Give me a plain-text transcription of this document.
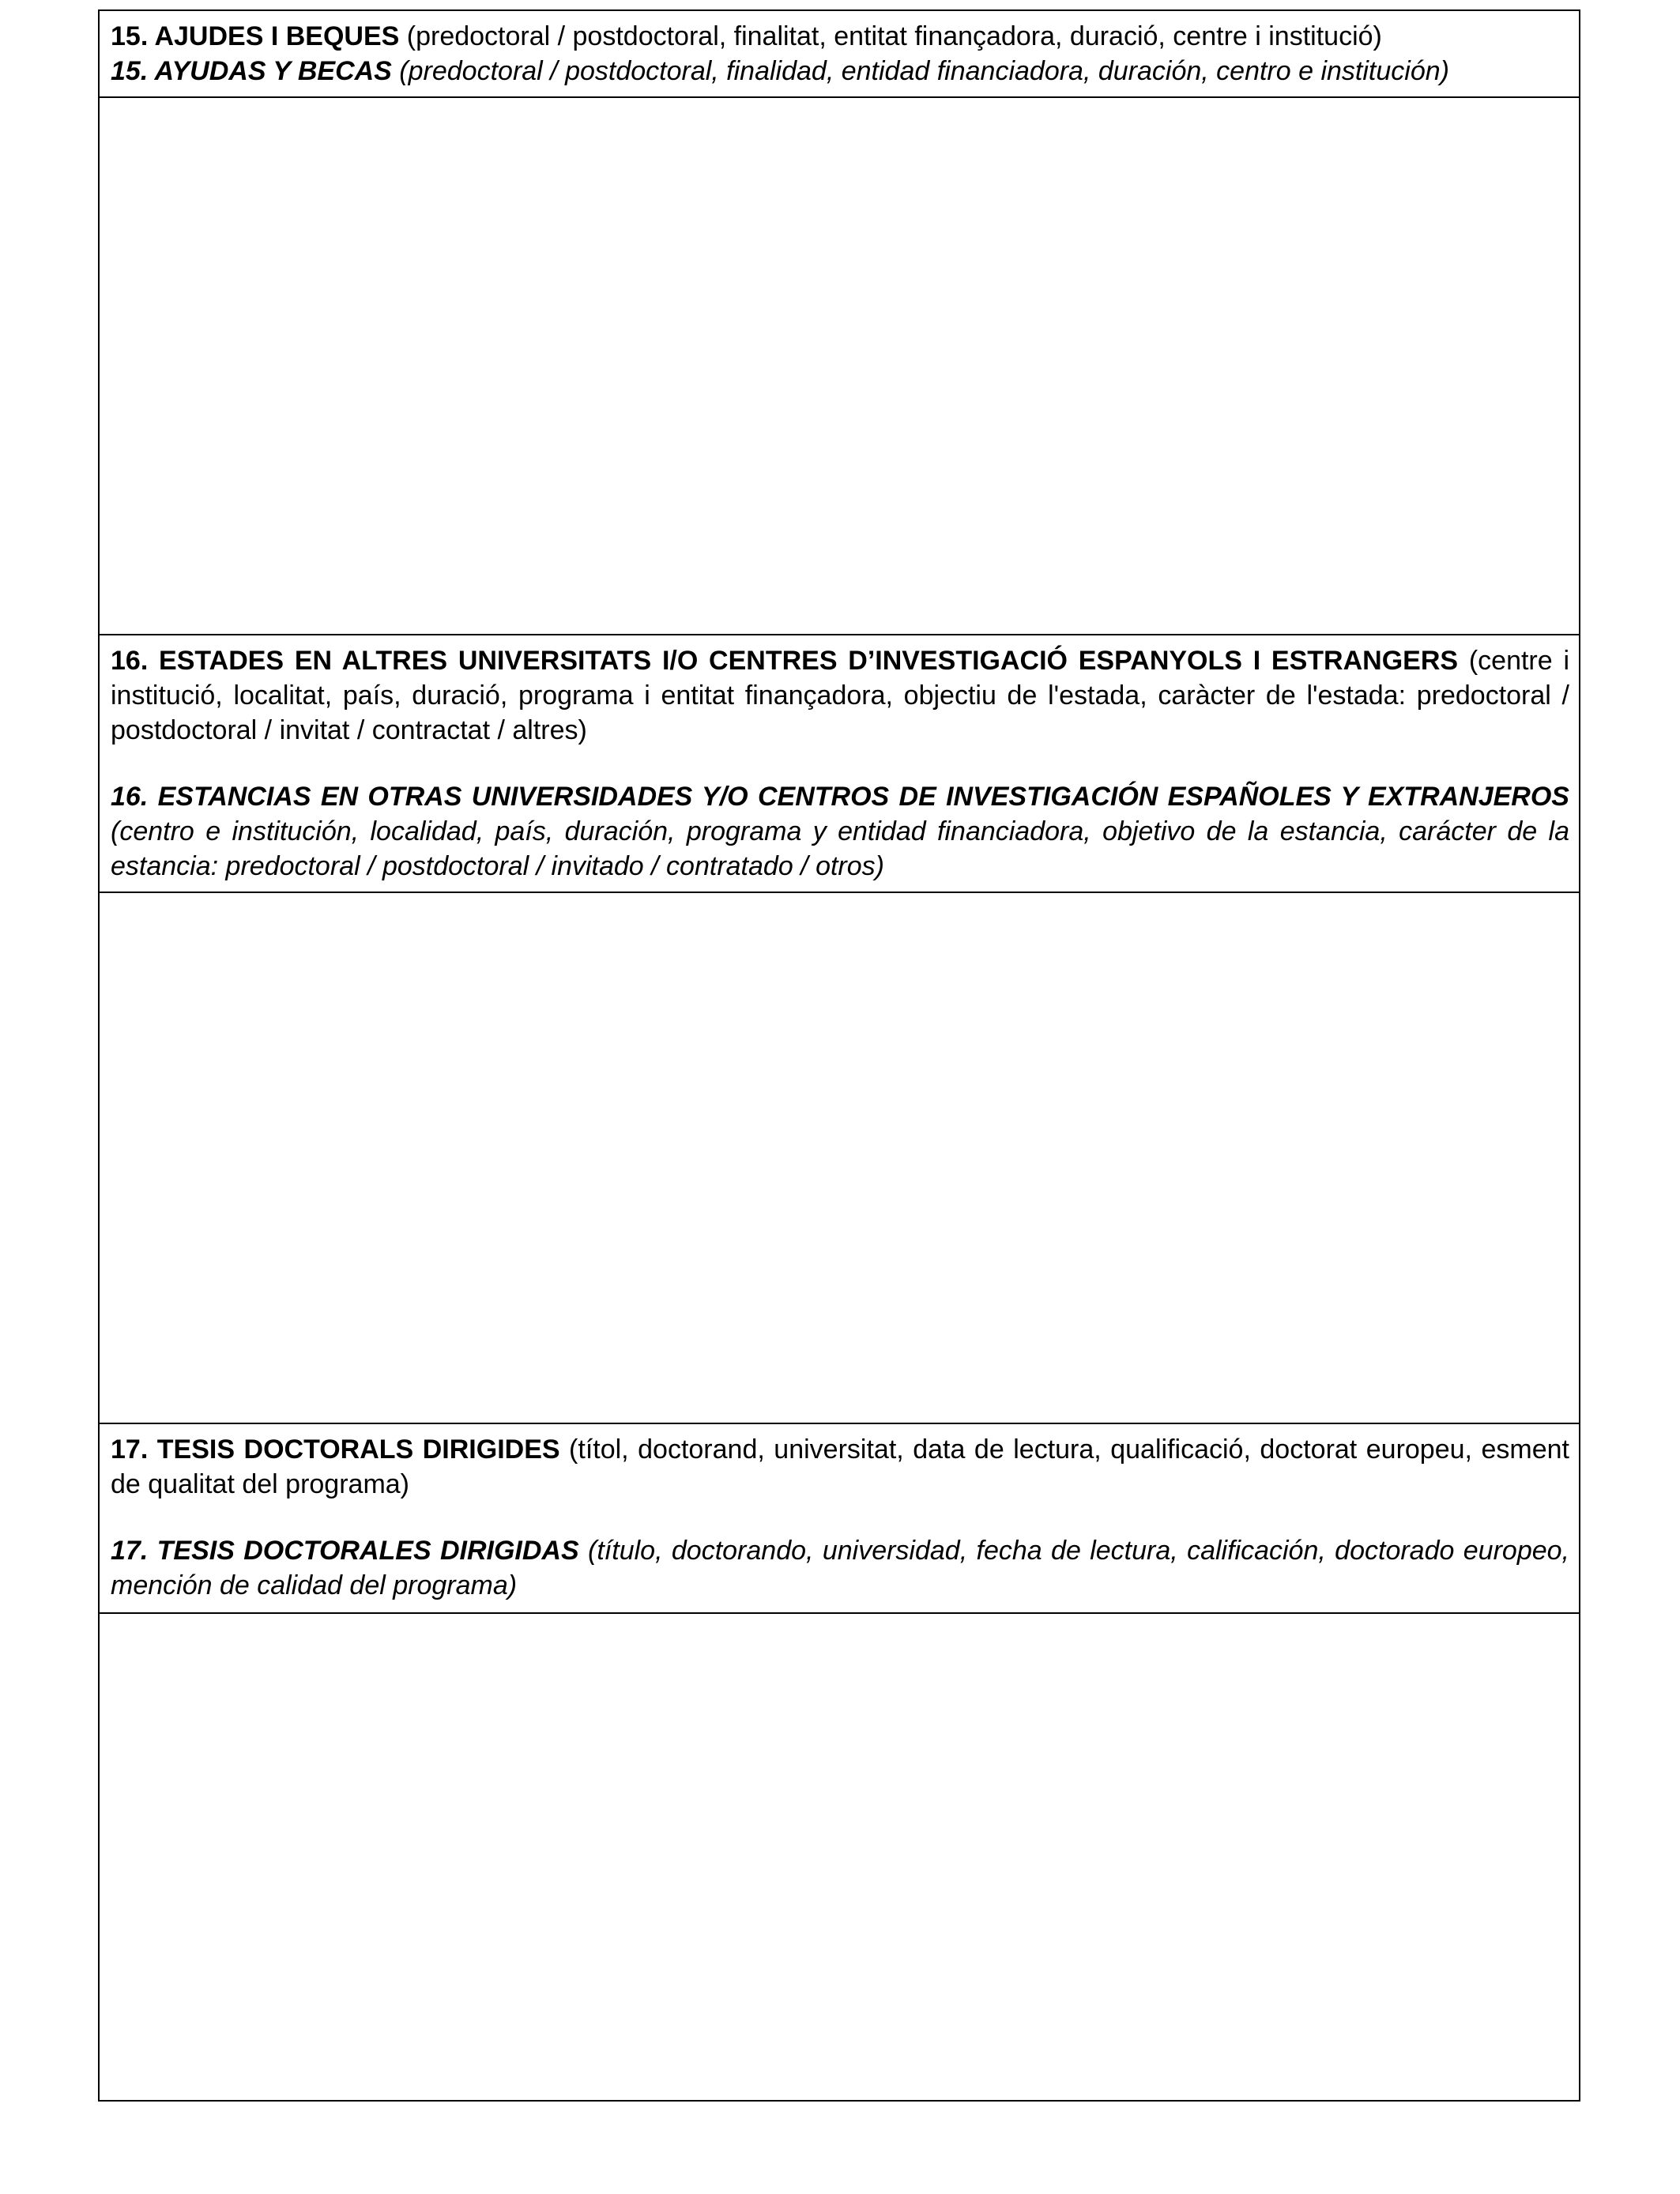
15. AJUDES I BEQUES (predoctoral / postdoctoral, finalitat, entitat finançadora, duració, centre i institució)

15. AYUDAS Y BECAS (predoctoral / postdoctoral, finalidad, entidad financiadora, duración, centro e institución)

16. ESTADES EN ALTRES UNIVERSITATS I/O CENTRES D’INVESTIGACIÓ ESPANYOLS I ESTRANGERS (centre i institució, localitat, país, duració, programa i entitat finançadora, objectiu de l'estada, caràcter de l'estada: predoctoral / postdoctoral / invitat / contractat / altres)

16. ESTANCIAS EN OTRAS UNIVERSIDADES Y/O CENTROS DE INVESTIGACIÓN ESPAÑOLES Y EXTRANJEROS (centro e institución, localidad, país, duración, programa y entidad financiadora, objetivo de la estancia, carácter de la estancia: predoctoral / postdoctoral / invitado / contratado / otros)

17. TESIS DOCTORALS DIRIGIDES (títol, doctorand, universitat, data de lectura, qualificació, doctorat europeu, esment de qualitat del programa)

17. TESIS DOCTORALES DIRIGIDAS (título, doctorando, universidad, fecha de lectura, calificación, doctorado europeo, mención de calidad del programa)
